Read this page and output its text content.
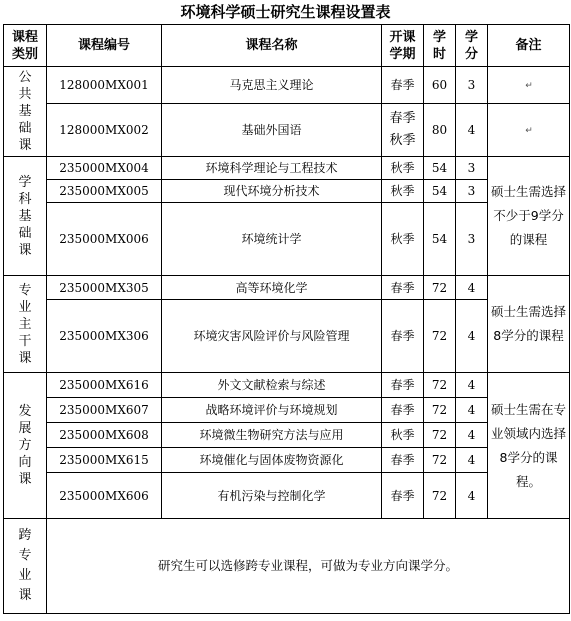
环境科学硕士研究生课程设置表
课程类别	课程编号	课程名称	开课学期	学时	学分	备注

公共基础课	128000MX001	马克思主义理论	春季	60	3	↵
	128000MX002	基础外国语	春季秋季	80	4	↵

学科基础课	235000MX004	环境科学理论与工程技术	秋季	54	3	硕士生需选择不少于9学分的课程

	235000MX005	现代环境分析技术	秋季	54	3	
	235000MX006	环境统计学	秋季	54	3	

专业主干课	235000MX305	高等环境化学	春季	72	4	硕士生需选择8学分的课程

	235000MX306	环境灾害风险评价与风险管理	春季	72	4	

发展方向课	235000MX616	外文文献检索与综述	春季	72	4	硕士生需在专业领域内选择8学分的课程。

	235000MX607	战略环境评价与环境规划	春季	72	4	
	235000MX608	环境微生物研究方法与应用	秋季	72	4	
	235000MX615	环境催化与固体废物资源化	春季	72	4	
	235000MX606	有机污染与控制化学	春季	72	4	

跨专业课	研究生可以选修跨专业课程，可做为专业方向课学分。					
